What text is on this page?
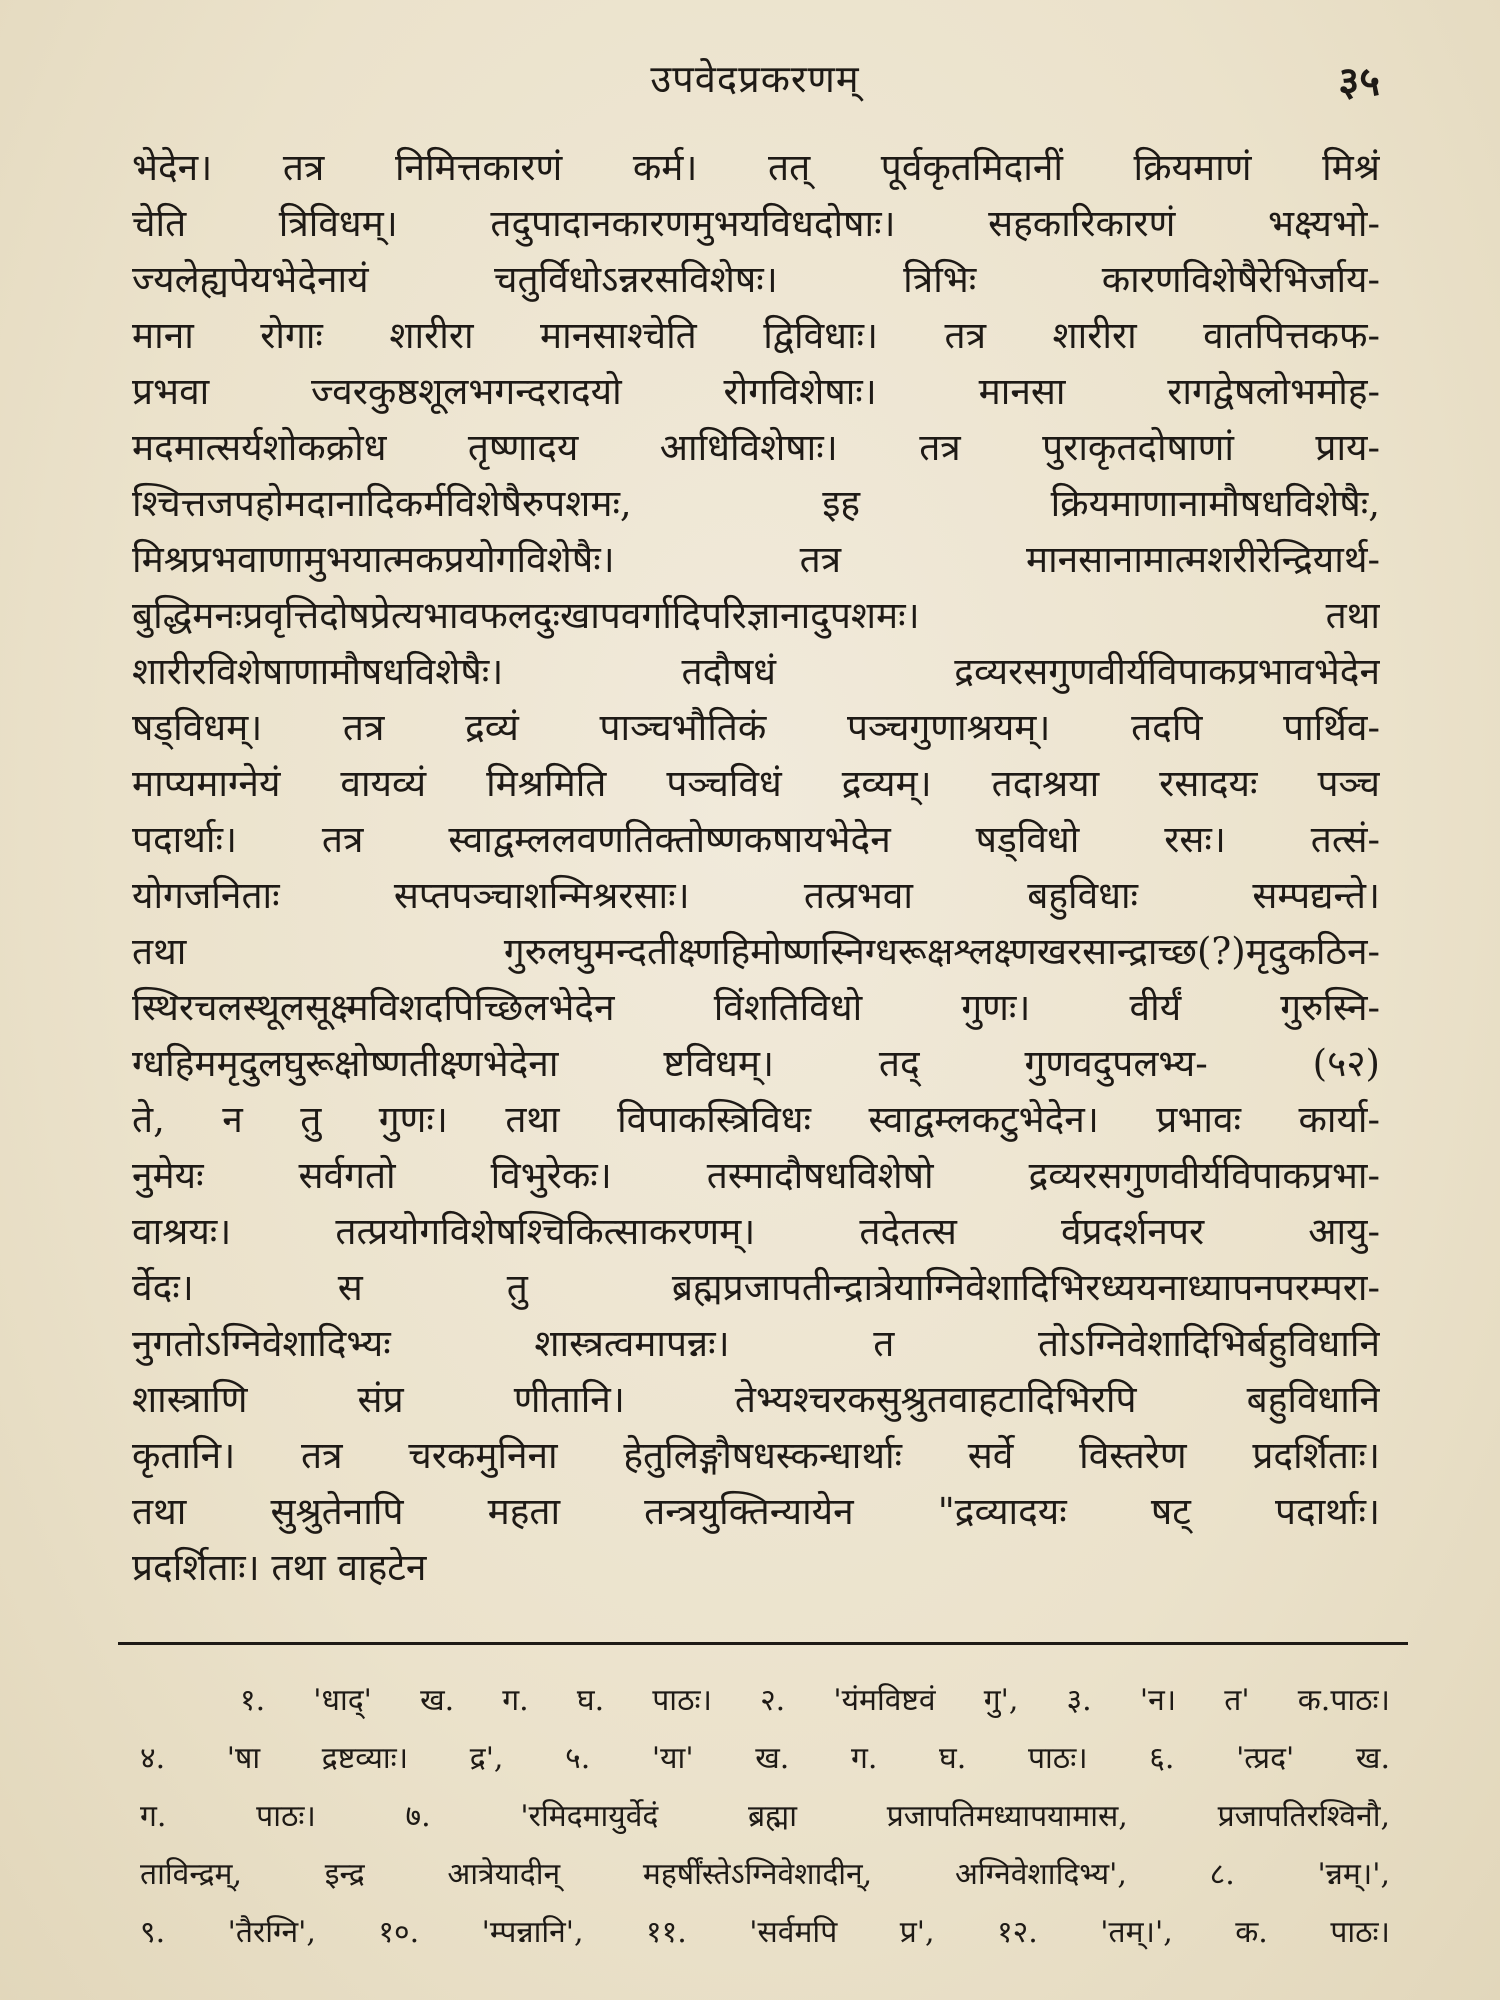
उपवेदप्रकरणम्	३५
भेदेन। तत्र निमित्तकारणं कर्म। तत् पूर्वकृतमिदानीं क्रियमाणं मिश्रं
चेति त्रिविधम्। तदुपादानकारणमुभयविधदोषाः। सहकारिकारणं भक्ष्यभो-
ज्यलेह्यपेयभेदेनायं चतुर्विधोऽन्नरसविशेषः। त्रिभिः कारणविशेषैरेभिर्जाय-
माना रोगाः शारीरा मानसाश्चेति द्विविधाः। तत्र शारीरा वातपित्तकफ-
प्रभवा ज्वरकुष्ठशूलभगन्दरादयो रोगविशेषाः। मानसा रागद्वेषलोभमोह-
मदमात्सर्यशोकक्रोध तृष्णादय आधिविशेषाः। तत्र पुराकृतदोषाणां प्राय-
श्चित्तजपहोमदानादिकर्मविशेषैरुपशमः, इह क्रियमाणानामौषधविशेषैः,
मिश्रप्रभवाणामुभयात्मकप्रयोगविशेषैः। तत्र मानसानामात्मशरीरेन्द्रियार्थ-
बुद्धिमनःप्रवृत्तिदोषप्रेत्यभावफलदुःखापवर्गादिपरिज्ञानादुपशमः। तथा
शारीरविशेषाणामौषधविशेषैः। तदौषधं द्रव्यरसगुणवीर्यविपाकप्रभावभेदेन
षड्विधम्। तत्र द्रव्यं पाञ्चभौतिकं पञ्चगुणाश्रयम्। तदपि पार्थिव-
माप्यमाग्नेयं वायव्यं मिश्रमिति पञ्चविधं द्रव्यम्। तदाश्रया रसादयः पञ्च
पदार्थाः। तत्र स्वाद्वम्ललवणतिक्तोष्णकषायभेदेन षड्विधो रसः। तत्सं-
योगजनिताः सप्तपञ्चाशन्मिश्ररसाः। तत्प्रभवा बहुविधाः सम्पद्यन्ते।
तथा गुरुलघुमन्दतीक्ष्णहिमोष्णस्निग्धरूक्षश्लक्ष्णखरसान्द्राच्छ(?)मृदुकठिन-
स्थिरचलस्थूलसूक्ष्मविशदपिच्छिलभेदेन विंशतिविधो गुणः। वीर्यं गुरुस्नि-
ग्धहिममृदुलघुरूक्षोष्णतीक्ष्णभेदेना ष्टविधम्। तद् गुणवदुपलभ्य- (५२)
ते, न तु गुणः। तथा विपाकस्त्रिविधः स्वाद्वम्लकटुभेदेन। प्रभावः कार्या-
नुमेयः सर्वगतो विभुरेकः। तस्मादौषधविशेषो द्रव्यरसगुणवीर्यविपाकप्रभा-
वाश्रयः। तत्प्रयोगविशेषश्चिकित्साकरणम्। तदेतत्स र्वप्रदर्शनपर आयु-
र्वेदः। स तु ब्रह्मप्रजापतीन्द्रात्रेयाग्निवेशादिभिरध्ययनाध्यापनपरम्परा-
नुगतोऽग्निवेशादिभ्यः शास्त्रत्वमापन्नः। त तोऽग्निवेशादिभिर्बहुविधानि
शास्त्राणि संप्र णीतानि। तेभ्यश्चरकसुश्रुतवाहटादिभिरपि बहुविधानि
कृतानि। तत्र चरकमुनिना हेतुलिङ्गौषधस्कन्धार्थाः सर्वे विस्तरेण प्रदर्शिताः।
तथा सुश्रुतेनापि महता तन्त्रयुक्तिन्यायेन "द्रव्यादयः षट् पदार्थाः।
प्रदर्शिताः। तथा वाहटेन
१. 'धाद्' ख. ग. घ. पाठः। २. 'यंमविष्टवं गु', ३. 'न। त' क.पाठः।
४. 'षा द्रष्टव्याः। द्र', ५. 'या' ख. ग. घ. पाठः। ६. 'त्प्रद' ख.
ग. पाठः। ७. 'रमिदमायुर्वेदं ब्रह्मा प्रजापतिमध्यापयामास, प्रजापतिरश्विनौ,
ताविन्द्रम्, इन्द्र आत्रेयादीन् महर्षींस्तेऽग्निवेशादीन्, अग्निवेशादिभ्य', ८. 'न्नम्।',
९. 'तैरग्नि', १०. 'म्पन्नानि', ११. 'सर्वमपि प्र', १२. 'तम्।', क. पाठः।
